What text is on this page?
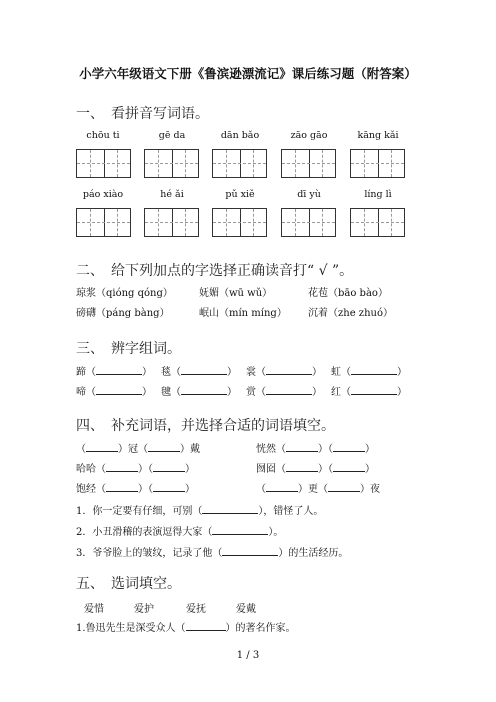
小学六年级语文下册《鲁滨逊漂流记》课后练习题（附答案）
一、　看拼音写词语。
chōu ti	gē da	dān bǎo	zāo gāo	kāng kǎi
páo xiào	hé ǎi	pǔ xiě	dī yù	líng lì
二、　给下列加点的字选择正确读音打“ √ ”。
琼浆（qióng qóng）	妩媚（wū wǔ）	花苞（bāo bào）
磅礴（páng bàng）	岷山（mín míng） 沉着（zhe zhuó）
三、　辨字组词。
蹄（	） 毯（	） 裳（	） 虹（	）
啼（	） 毽（	） 赏（	） 红（	）
四、　补充词语，并选择合适的词语填空。
（	）冠（	）戴	恍然（	）（	）
哈哈（	）（	）	囫囵（	）（	）
饱经（	）（	）	（	）更（	）夜
1．你一定要有仔细，可别（	），错怪了人。
2．小丑滑稽的表演逗得大家（	）。
3．爷爷脸上的皱纹，记录了他（	）的生活经历。
五、　选词填空。
爱惜	爱护	爱抚	爱戴
1.鲁迅先生是深受众人（	）的著名作家。
1 / 3
